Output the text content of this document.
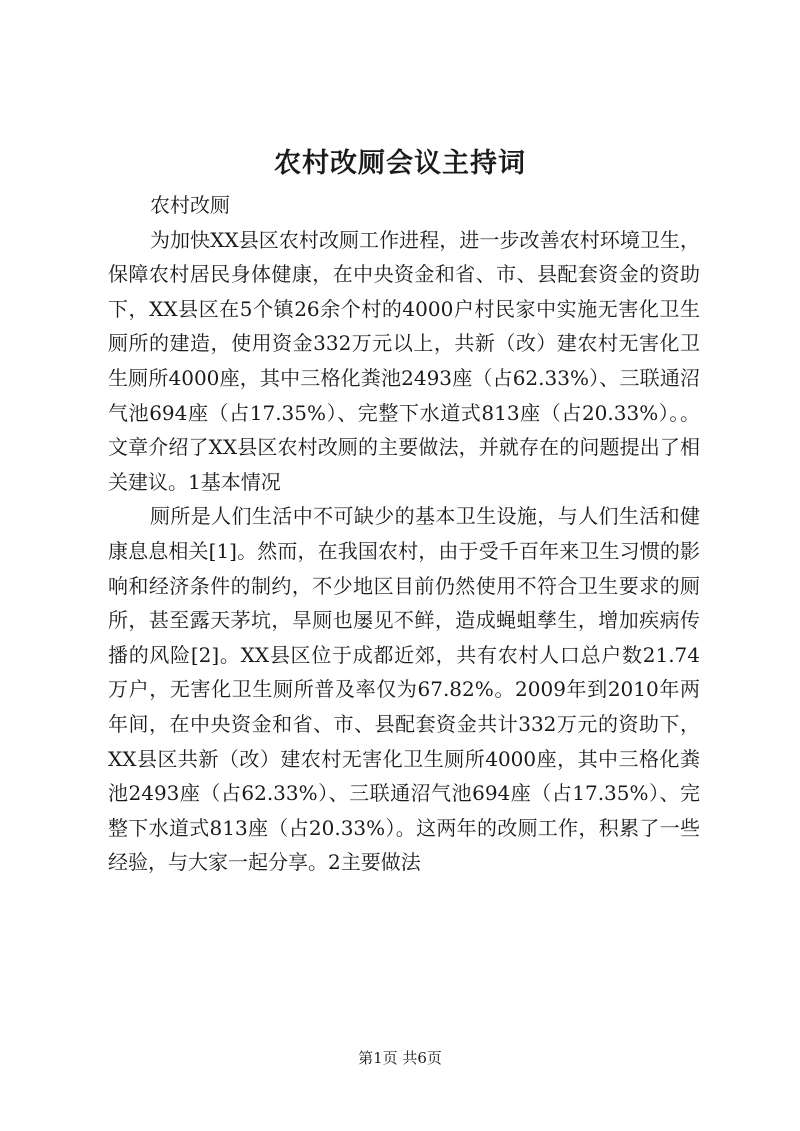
农村改厕会议主持词

农村改厕

为加快XX县区农村改厕工作进程，进一步改善农村环境卫生，保障农村居民身体健康，在中央资金和省、市、县配套资金的资助下，XX县区在5个镇26余个村的4000户村民家中实施无害化卫生厕所的建造，使用资金332万元以上，共新（改）建农村无害化卫生厕所4000座，其中三格化粪池2493座（占62.33%）、三联通沼气池694座（占17.35%）、完整下水道式813座（占20.33%）。。文章介绍了XX县区农村改厕的主要做法，并就存在的问题提出了相关建议。1基本情况

厕所是人们生活中不可缺少的基本卫生设施，与人们生活和健康息息相关[1]。然而，在我国农村，由于受千百年来卫生习惯的影响和经济条件的制约，不少地区目前仍然使用不符合卫生要求的厕所，甚至露天茅坑，旱厕也屡见不鲜，造成蝇蛆孳生，增加疾病传播的风险[2]。XX县区位于成都近郊，共有农村人口总户数21.74万户，无害化卫生厕所普及率仅为67.82%。2009年到2010年两年间，在中央资金和省、市、县配套资金共计332万元的资助下，XX县区共新（改）建农村无害化卫生厕所4000座，其中三格化粪池2493座（占62.33%）、三联通沼气池694座（占17.35%）、完整下水道式813座（占20.33%）。这两年的改厕工作，积累了一些经验，与大家一起分享。2主要做法

第1页 共6页
